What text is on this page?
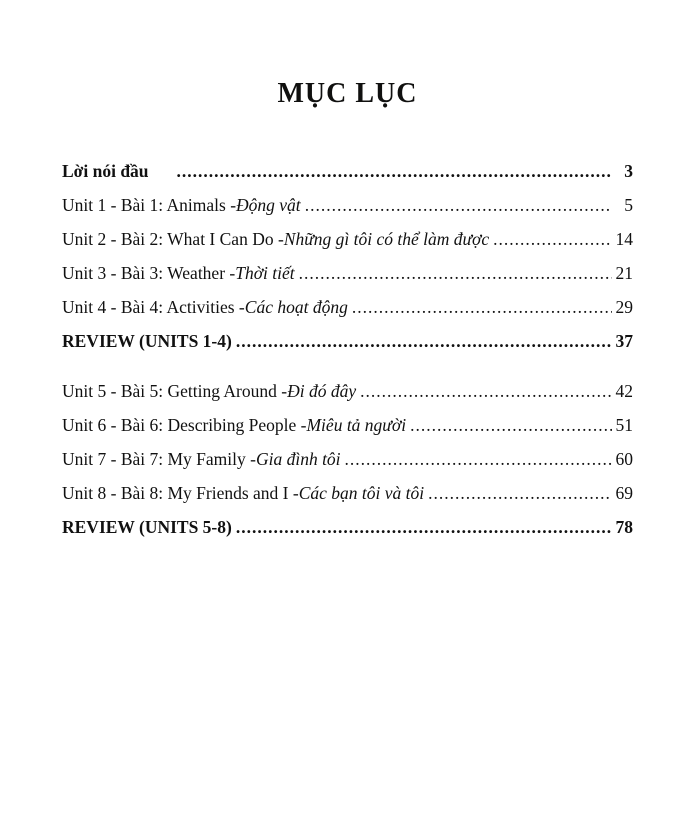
MỤC LỤC
Lời nói đầu .....	3
Unit 1 - Bài 1: Animals - Động vật .....	5
Unit 2 - Bài 2: What I Can Do - Những gì tôi có thể làm được .....	14
Unit 3 - Bài 3: Weather - Thời tiết .....	21
Unit 4 - Bài 4: Activities - Các hoạt động .....	29
REVIEW (UNITS 1-4) .....	37
Unit 5 - Bài 5: Getting Around - Đi đó đây .....	42
Unit 6 - Bài 6: Describing People - Miêu tả người .....	51
Unit 7 - Bài 7: My Family - Gia đình tôi .....	60
Unit 8 - Bài 8: My Friends and I - Các bạn tôi và tôi .....	69
REVIEW (UNITS 5-8) .....	78
